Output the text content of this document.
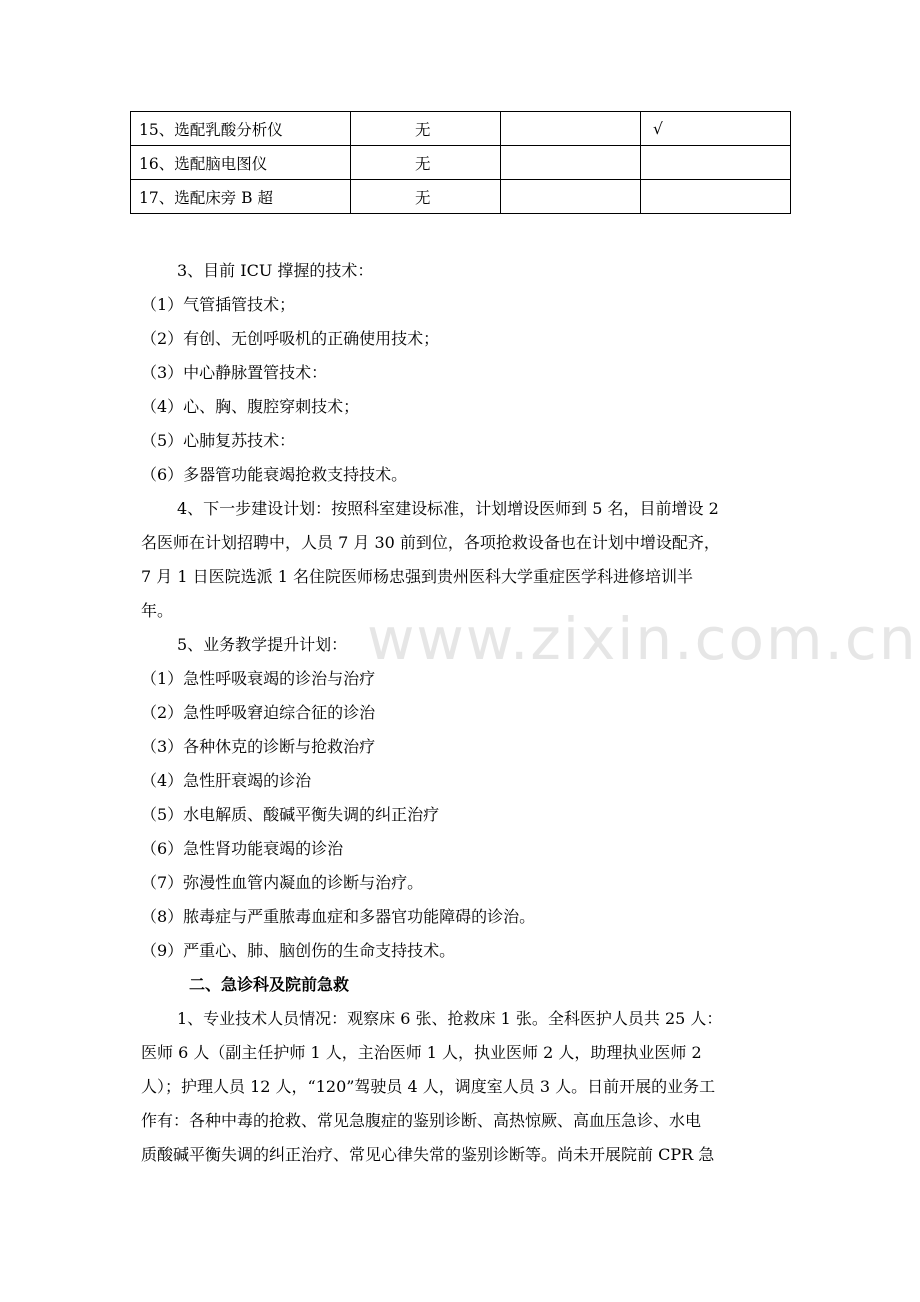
15、选配乳酸分析仪	无		√
16、选配脑电图仪	无		
17、选配床旁 B 超	无		
www.zixin.com.cn
3、目前 ICU 撑握的技术：
（1）气管插管技术；
（2）有创、无创呼吸机的正确使用技术；
（3）中心静脉置管技术：
（4）心、胸、腹腔穿刺技术；
（5）心肺复苏技术：
（6）多器管功能衰竭抢救支持技术。
4、下一步建设计划：按照科室建设标准，计划增设医师到 5 名，目前增设 2
名医师在计划招聘中，人员 7 月 30 前到位，各项抢救设备也在计划中增设配齐，
7 月 1 日医院选派 1 名住院医师杨忠强到贵州医科大学重症医学科进修培训半
年。
5、业务教学提升计划：
（1）急性呼吸衰竭的诊治与治疗
（2）急性呼吸窘迫综合征的诊治
（3）各种休克的诊断与抢救治疗
（4）急性肝衰竭的诊治
（5）水电解质、酸碱平衡失调的纠正治疗
（6）急性肾功能衰竭的诊治
（7）弥漫性血管内凝血的诊断与治疗。
（8）脓毒症与严重脓毒血症和多器官功能障碍的诊治。
（9）严重心、肺、脑创伤的生命支持技术。
二、急诊科及院前急救
1、专业技术人员情况：观察床 6 张、抢救床 1 张。全科医护人员共 25 人：
医师 6 人（副主任护师 1 人，主治医师 1 人，执业医师 2 人，助理执业医师 2
人）；护理人员 12 人，“120”驾驶员 4 人，调度室人员 3 人。日前开展的业务工
作有：各种中毒的抢救、常见急腹症的鉴别诊断、高热惊厥、高血压急诊、水电
质酸碱平衡失调的纠正治疗、常见心律失常的鉴别诊断等。尚未开展院前 CPR 急
